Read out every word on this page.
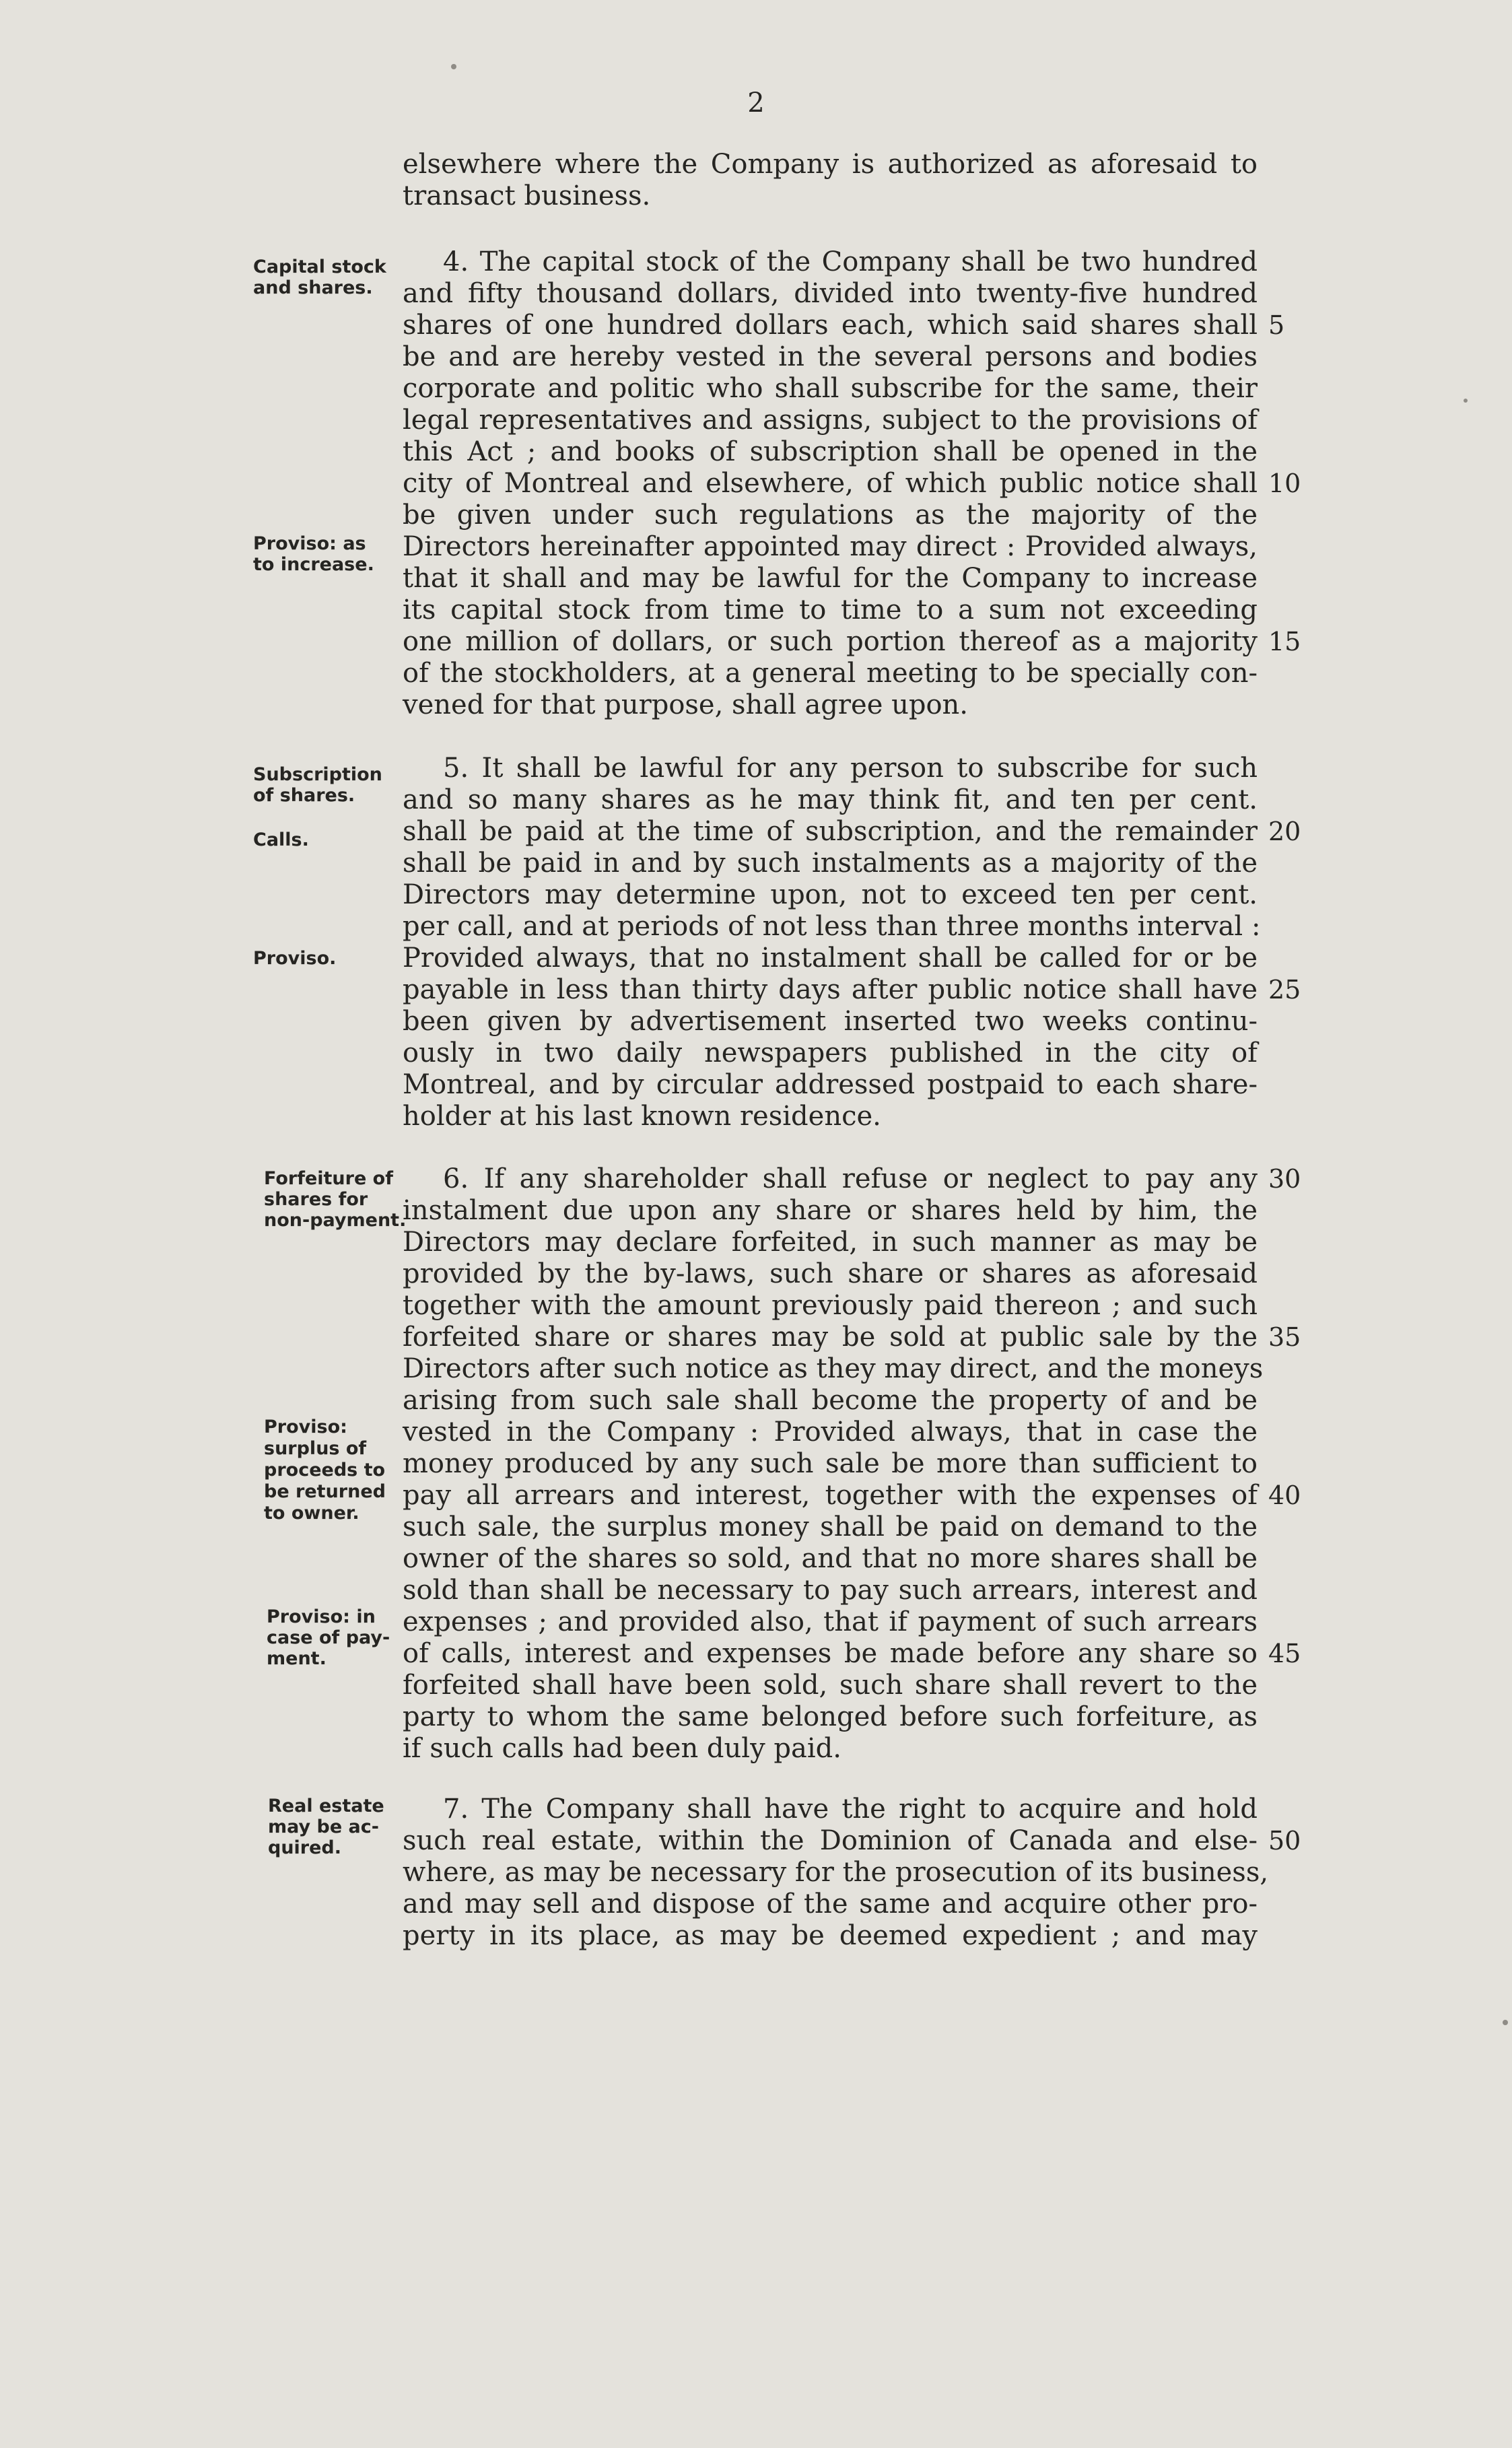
2
elsewhere where the Company is authorized as aforesaid to
transact business.
4. The capital stock of the Company shall be two hundred
and fifty thousand dollars, divided into twenty-five hundred
shares of one hundred dollars each, which said shares shall
be and are hereby vested in the several persons and bodies
corporate and politic who shall subscribe for the same, their
legal representatives and assigns, subject to the provisions of
this Act ; and books of subscription shall be opened in the
city of Montreal and elsewhere, of which public notice shall
be given under such regulations as the majority of the
Directors hereinafter appointed may direct : Provided always,
that it shall and may be lawful for the Company to increase
its capital stock from time to time to a sum not exceeding
one million of dollars, or such portion thereof as a majority
of the stockholders, at a general meeting to be specially con-
vened for that purpose, shall agree upon.
5. It shall be lawful for any person to subscribe for such
and so many shares as he may think fit, and ten per cent.
shall be paid at the time of subscription, and the remainder
shall be paid in and by such instalments as a majority of the
Directors may determine upon, not to exceed ten per cent.
per call, and at periods of not less than three months interval :
Provided always, that no instalment shall be called for or be
payable in less than thirty days after public notice shall have
been given by advertisement inserted two weeks continu-
ously in two daily newspapers published in the city of
Montreal, and by circular addressed postpaid to each share-
holder at his last known residence.
6. If any shareholder shall refuse or neglect to pay any
instalment due upon any share or shares held by him, the
Directors may declare forfeited, in such manner as may be
provided by the by-laws, such share or shares as aforesaid
together with the amount previously paid thereon ; and such
forfeited share or shares may be sold at public sale by the
Directors after such notice as they may direct, and the moneys
arising from such sale shall become the property of and be
vested in the Company : Provided always, that in case the
money produced by any such sale be more than sufficient to
pay all arrears and interest, together with the expenses of
such sale, the surplus money shall be paid on demand to the
owner of the shares so sold, and that no more shares shall be
sold than shall be necessary to pay such arrears, interest and
expenses ; and provided also, that if payment of such arrears
of calls, interest and expenses be made before any share so
forfeited shall have been sold, such share shall revert to the
party to whom the same belonged before such forfeiture, as
if such calls had been duly paid.
7. The Company shall have the right to acquire and hold
such real estate, within the Dominion of Canada and else-
where, as may be necessary for the prosecution of its business,
and may sell and dispose of the same and acquire other pro-
perty in its place, as may be deemed expedient ; and may
Capital stock
and shares.
Proviso: as
to increase.
Subscription
of shares.
Calls.
Proviso.
Forfeiture of
shares for
non-payment.
Proviso:
surplus of
proceeds to
be returned
to owner.
Proviso: in
case of pay-
ment.
Real estate
may be ac-
quired.
5
10
15
20
25
30
35
40
45
50
